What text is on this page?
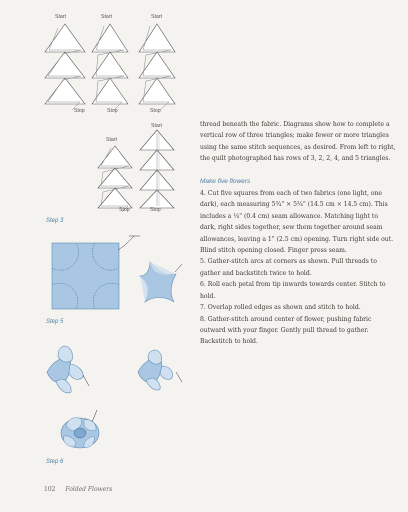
Start
Stop
Start
Stop
Start
Stop
Start
Stop
Start
Stop
Step 3
Step 5
Step 6

thread beneath the fabric. Diagrams show how to complete a vertical row of three triangles; make fewer or more triangles using the same stitch sequences, as desired. From left to right, the quilt photographed has rows of 3, 2, 2, 4, and 5 triangles.

Make five flowers

4. Cut five squares from each of two fabrics (one light, one dark), each measuring 5¾" × 5¾" (14.5 cm × 14.5 cm). This includes a ¼" (0.4 cm) seam allowance. Matching light to dark, right sides together, sew them together around seam allowances, leaving a 1" (2.5 cm) opening. Turn right side out. Blind stitch opening closed. Finger press seam.

5. Gather-stitch arcs at corners as shown. Pull threads to gather and backstitch twice to hold.

6. Roll each petal from tip inwards towards center. Stitch to hold.

7. Overlap rolled edges as shown and stitch to hold.

8. Gather-stitch around center of flower, pushing fabric outward with your finger. Gently pull thread to gather. Backstitch to hold.

102 Folded Flowers
